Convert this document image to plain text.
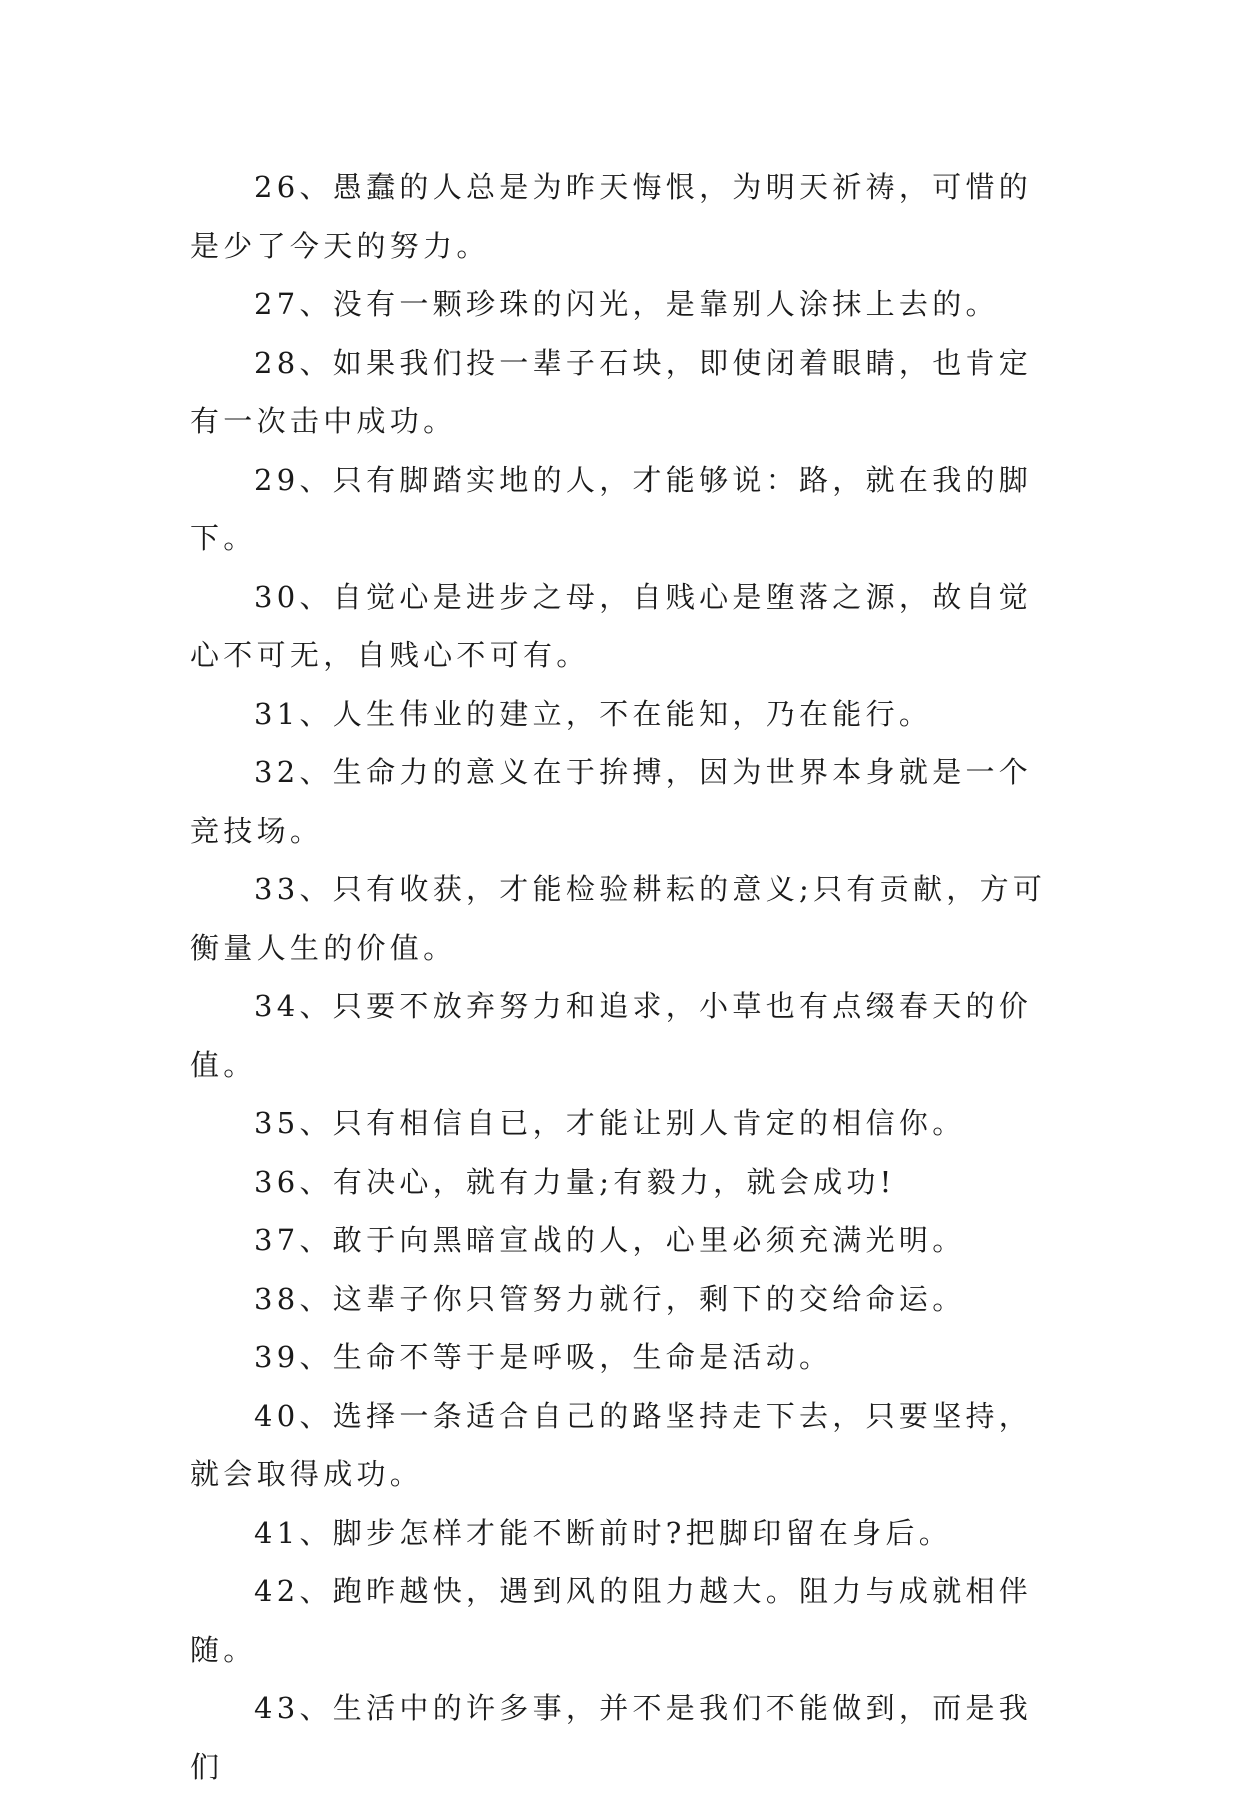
26、愚蠢的人总是为昨天悔恨，为明天祈祷，可惜的是少了今天的努力。

27、没有一颗珍珠的闪光，是靠别人涂抹上去的。

28、如果我们投一辈子石块，即使闭着眼睛，也肯定有一次击中成功。

29、只有脚踏实地的人，才能够说：路，就在我的脚下。

30、自觉心是进步之母，自贱心是堕落之源，故自觉心不可无，自贱心不可有。

31、人生伟业的建立，不在能知，乃在能行。

32、生命力的意义在于拚搏，因为世界本身就是一个竞技场。

33、只有收获，才能检验耕耘的意义;只有贡献，方可衡量人生的价值。

34、只要不放弃努力和追求，小草也有点缀春天的价值。

35、只有相信自已，才能让别人肯定的相信你。

36、有决心，就有力量;有毅力，就会成功!

37、敢于向黑暗宣战的人，心里必须充满光明。

38、这辈子你只管努力就行，剩下的交给命运。

39、生命不等于是呼吸，生命是活动。

40、选择一条适合自己的路坚持走下去，只要坚持，就会取得成功。

41、脚步怎样才能不断前时?把脚印留在身后。

42、跑昨越快，遇到风的阻力越大。阻力与成就相伴随。

43、生活中的许多事，并不是我们不能做到，而是我们
